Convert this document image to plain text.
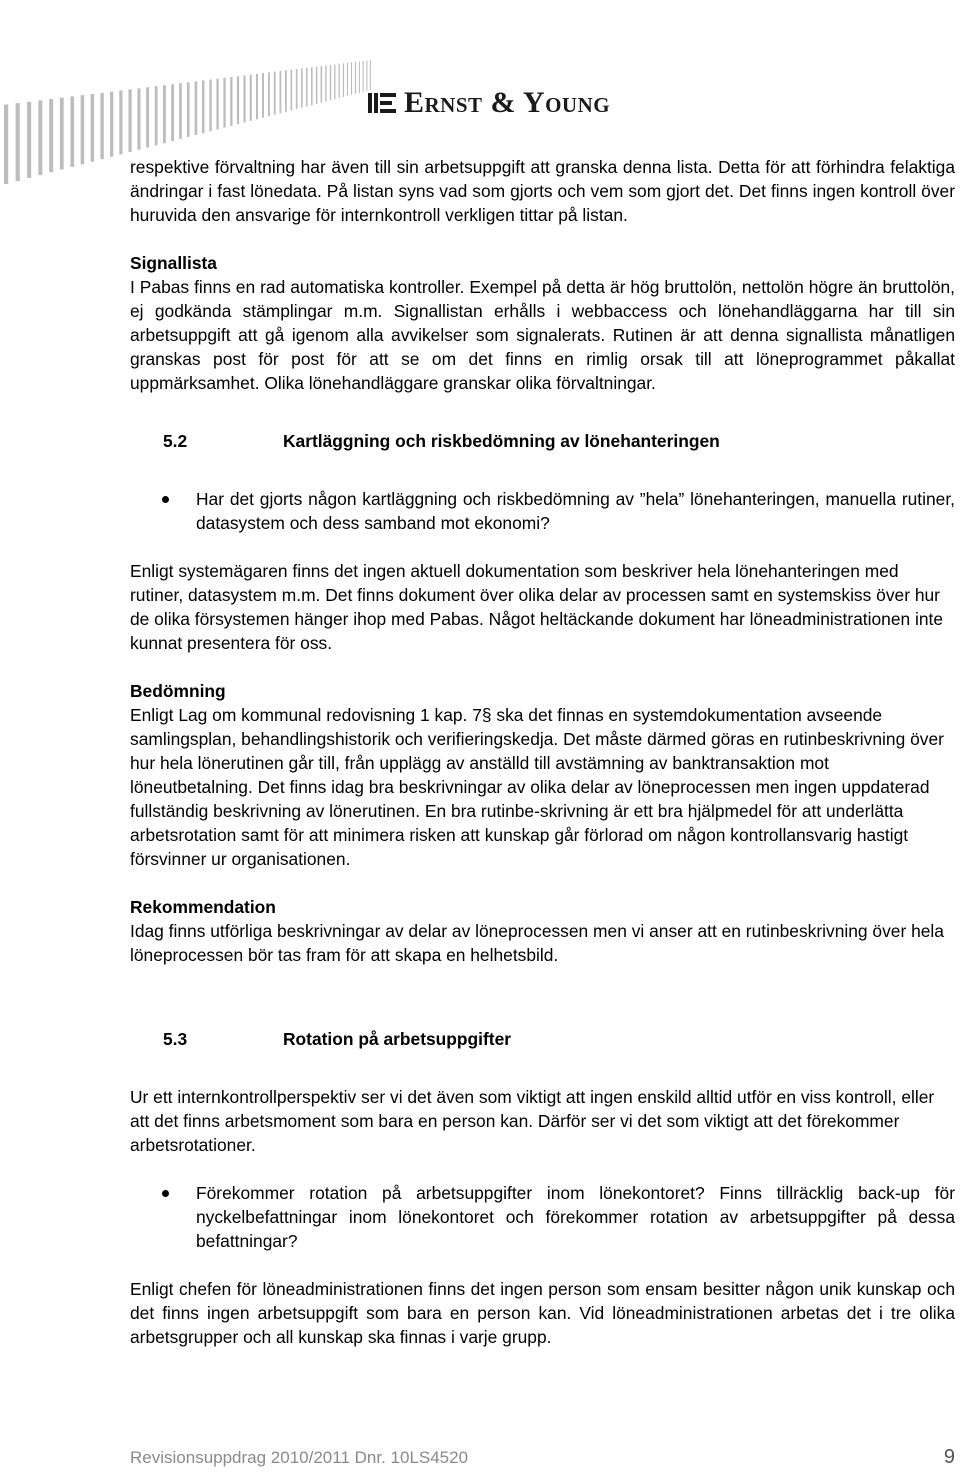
Ernst & Young

respektive förvaltning har även till sin arbetsuppgift att granska denna lista. Detta för att förhindra felaktiga ändringar i fast lönedata. På listan syns vad som gjorts och vem som gjort det. Det finns ingen kontroll över huruvida den ansvarige för internkontroll verkligen tittar på listan.

Signallista

I Pabas finns en rad automatiska kontroller. Exempel på detta är hög bruttolön, nettolön högre än bruttolön, ej godkända stämplingar m.m. Signallistan erhålls i webbaccess och lönehandläggarna har till sin arbetsuppgift att gå igenom alla avvikelser som signalerats. Rutinen är att denna signallista månatligen granskas post för post för att se om det finns en rimlig orsak till att löneprogrammet påkallat uppmärksamhet. Olika lönehandläggare granskar olika förvaltningar.

5.2	Kartläggning och riskbedömning av lönehanteringen
Har det gjorts någon kartläggning och riskbedömning av ”hela” lönehanteringen, manuella rutiner, datasystem och dess samband mot ekonomi?

Enligt systemägaren finns det ingen aktuell dokumentation som beskriver hela lönehanteringen med rutiner, datasystem m.m. Det finns dokument över olika delar av processen samt en systemskiss över hur de olika försystemen hänger ihop med Pabas. Något heltäckande dokument har löneadministrationen inte kunnat presentera för oss.

Bedömning

Enligt Lag om kommunal redovisning 1 kap. 7§ ska det finnas en systemdokumentation avseende samlingsplan, behandlingshistorik och verifieringskedja. Det måste därmed göras en rutinbeskrivning över hur hela lönerutinen går till, från upplägg av anställd till avstämning av banktransaktion mot löneutbetalning. Det finns idag bra beskrivningar av olika delar av löneprocessen men ingen uppdaterad fullständig beskrivning av lönerutinen. En bra rutinbe-skrivning är ett bra hjälpmedel för att underlätta arbetsrotation samt för att minimera risken att kunskap går förlorad om någon kontrollansvarig hastigt försvinner ur organisationen.

Rekommendation

Idag finns utförliga beskrivningar av delar av löneprocessen men vi anser att en rutinbeskrivning över hela löneprocessen bör tas fram för att skapa en helhetsbild.

5.3	Rotation på arbetsuppgifter

Ur ett internkontrollperspektiv ser vi det även som viktigt att ingen enskild alltid utför en viss kontroll, eller att det finns arbetsmoment som bara en person kan. Därför ser vi det som viktigt att det förekommer arbetsrotationer.

Förekommer rotation på arbetsuppgifter inom lönekontoret? Finns tillräcklig back-up för nyckelbefattningar inom lönekontoret och förekommer rotation av arbetsuppgifter på dessa befattningar?

Enligt chefen för löneadministrationen finns det ingen person som ensam besitter någon unik kunskap och det finns ingen arbetsuppgift som bara en person kan. Vid löneadministrationen arbetas det i tre olika arbetsgrupper och all kunskap ska finnas i varje grupp.

Revisionsuppdrag 2010/2011 Dnr. 10LS4520	9
